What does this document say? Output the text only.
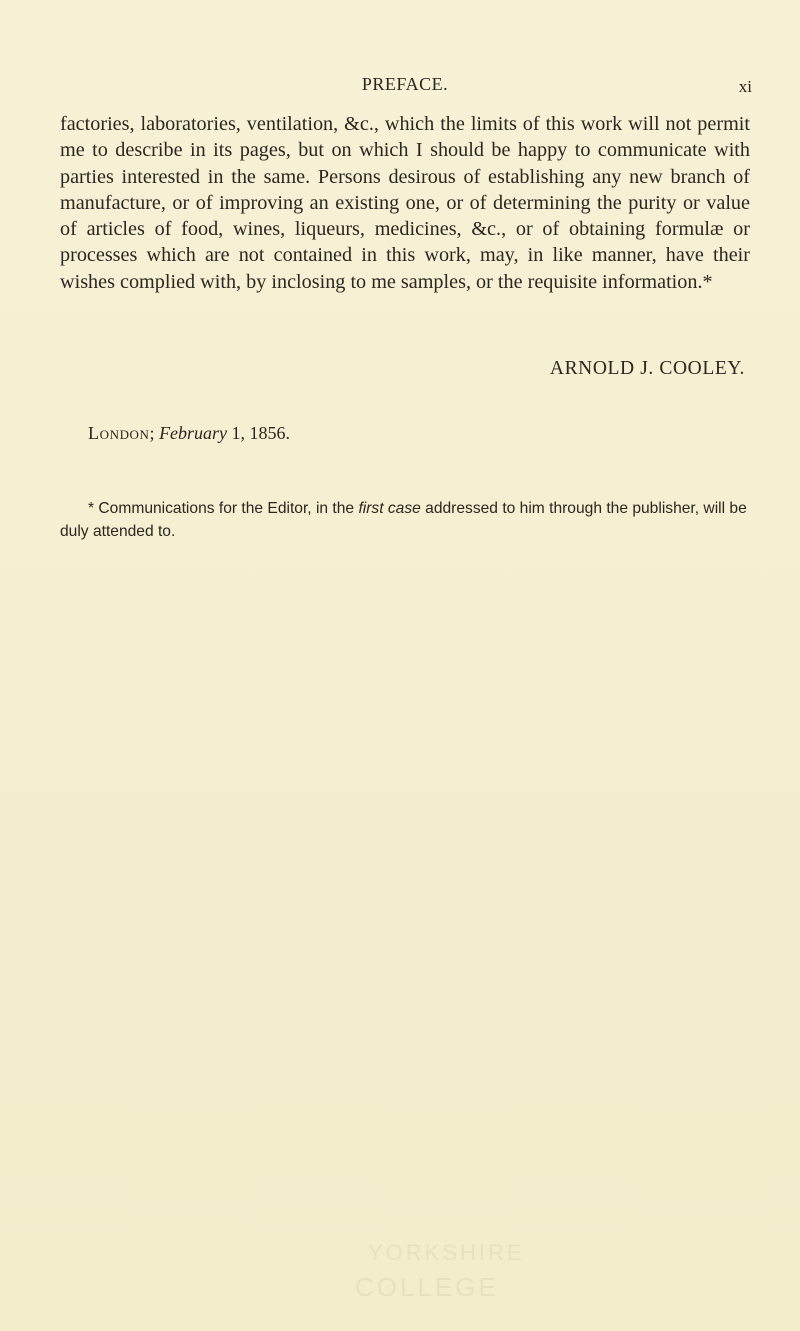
PREFACE.	xi

factories, laboratories, ventilation, &c., which the limits of this work will not permit me to describe in its pages, but on which I should be happy to communicate with parties interested in the same. Persons desirous of establishing any new branch of manufacture, or of improving an existing one, or of determining the purity or value of articles of food, wines, liqueurs, medicines, &c., or of obtaining formulæ or processes which are not contained in this work, may, in like manner, have their wishes complied with, by inclosing to me samples, or the requisite information.*

ARNOLD J. COOLEY.

London; February 1, 1856.

* Communications for the Editor, in the first case addressed to him through the publisher, will be duly attended to.

YORKSHIRE
COLLEGE
